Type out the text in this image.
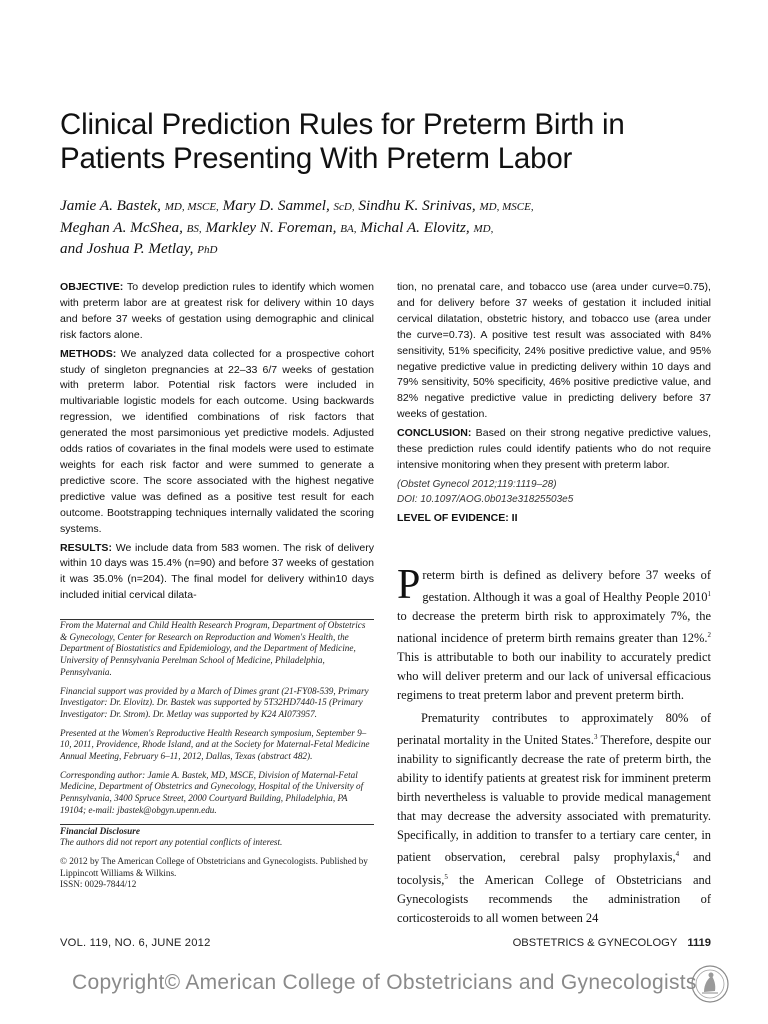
Clinical Prediction Rules for Preterm Birth in Patients Presenting With Preterm Labor
Jamie A. Bastek, MD, MSCE, Mary D. Sammel, ScD, Sindhu K. Srinivas, MD, MSCE,
Meghan A. McShea, BS, Markley N. Foreman, BA, Michal A. Elovitz, MD,
and Joshua P. Metlay, PhD

OBJECTIVE: To develop prediction rules to identify which women with preterm labor are at greatest risk for delivery within 10 days and before 37 weeks of gestation using demographic and clinical risk factors alone.

METHODS: We analyzed data collected for a prospective cohort study of singleton pregnancies at 22–33 6/7 weeks of gestation with preterm labor. Potential risk factors were included in multivariable logistic models for each outcome. Using backwards regression, we identified combinations of risk factors that generated the most parsimonious yet predictive models. Adjusted odds ratios of covariates in the final models were used to estimate weights for each risk factor and were summed to generate a predictive score. The score associated with the highest negative predictive value was defined as a positive test result for each outcome. Bootstrapping techniques internally validated the scoring systems.

RESULTS: We include data from 583 women. The risk of delivery within 10 days was 15.4% (n=90) and before 37 weeks of gestation it was 35.0% (n=204). The final model for delivery within10 days included initial cervical dilata-

tion, no prenatal care, and tobacco use (area under curve=0.75), and for delivery before 37 weeks of gestation it included initial cervical dilatation, obstetric history, and tobacco use (area under the curve=0.73). A positive test result was associated with 84% sensitivity, 51% specificity, 24% positive predictive value, and 95% negative predictive value in predicting delivery within 10 days and 79% sensitivity, 50% specificity, 46% positive predictive value, and 82% negative predictive value in predicting delivery before 37 weeks of gestation.

CONCLUSION: Based on their strong negative predictive values, these prediction rules could identify patients who do not require intensive monitoring when they present with preterm labor.

(Obstet Gynecol 2012;119:1119–28)
DOI: 10.1097/AOG.0b013e31825503e5
LEVEL OF EVIDENCE: II

From the Maternal and Child Health Research Program, Department of Obstetrics & Gynecology, Center for Research on Reproduction and Women's Health, the Department of Biostatistics and Epidemiology, and the Department of Medicine, University of Pennsylvania Perelman School of Medicine, Philadelphia, Pennsylvania.

Financial support was provided by a March of Dimes grant (21-FY08-539, Primary Investigator: Dr. Elovitz). Dr. Bastek was supported by 5T32HD7440-15 (Primary Investigator: Dr. Strom). Dr. Metlay was supported by K24 AI073957.

Presented at the Women's Reproductive Health Research symposium, September 9–10, 2011, Providence, Rhode Island, and at the Society for Maternal-Fetal Medicine Annual Meeting, February 6–11, 2012, Dallas, Texas (abstract 482).

Corresponding author: Jamie A. Bastek, MD, MSCE, Division of Maternal-Fetal Medicine, Department of Obstetrics and Gynecology, Hospital of the University of Pennsylvania, 3400 Spruce Street, 2000 Courtyard Building, Philadelphia, PA 19104; e-mail: jbastek@obgyn.upenn.edu.

Financial Disclosure

The authors did not report any potential conflicts of interest.

© 2012 by The American College of Obstetricians and Gynecologists. Published by Lippincott Williams & Wilkins.
ISSN: 0029-7844/12

Preterm birth is defined as delivery before 37 weeks of gestation. Although it was a goal of Healthy People 2010$^1$ to decrease the preterm birth risk to approximately 7%, the national incidence of preterm birth remains greater than 12%.$^2$ This is attributable to both our inability to accurately predict who will deliver preterm and our lack of universal efficacious regimens to treat preterm labor and prevent preterm birth.

Prematurity contributes to approximately 80% of perinatal mortality in the United States.$^3$ Therefore, despite our inability to significantly decrease the rate of preterm birth, the ability to identify patients at greatest risk for imminent preterm birth nevertheless is valuable to provide medical management that may decrease the adversity associated with prematurity. Specifically, in addition to transfer to a tertiary care center, in patient observation, cerebral palsy prophylaxis,$^4$ and tocolysis,$^5$ the American College of Obstetricians and Gynecologists recommends the administration of corticosteroids to all women between 24

VOL. 119, NO. 6, JUNE 2012	OBSTETRICS & GYNECOLOGY 1119
Copyright© American College of Obstetricians and Gynecologists
